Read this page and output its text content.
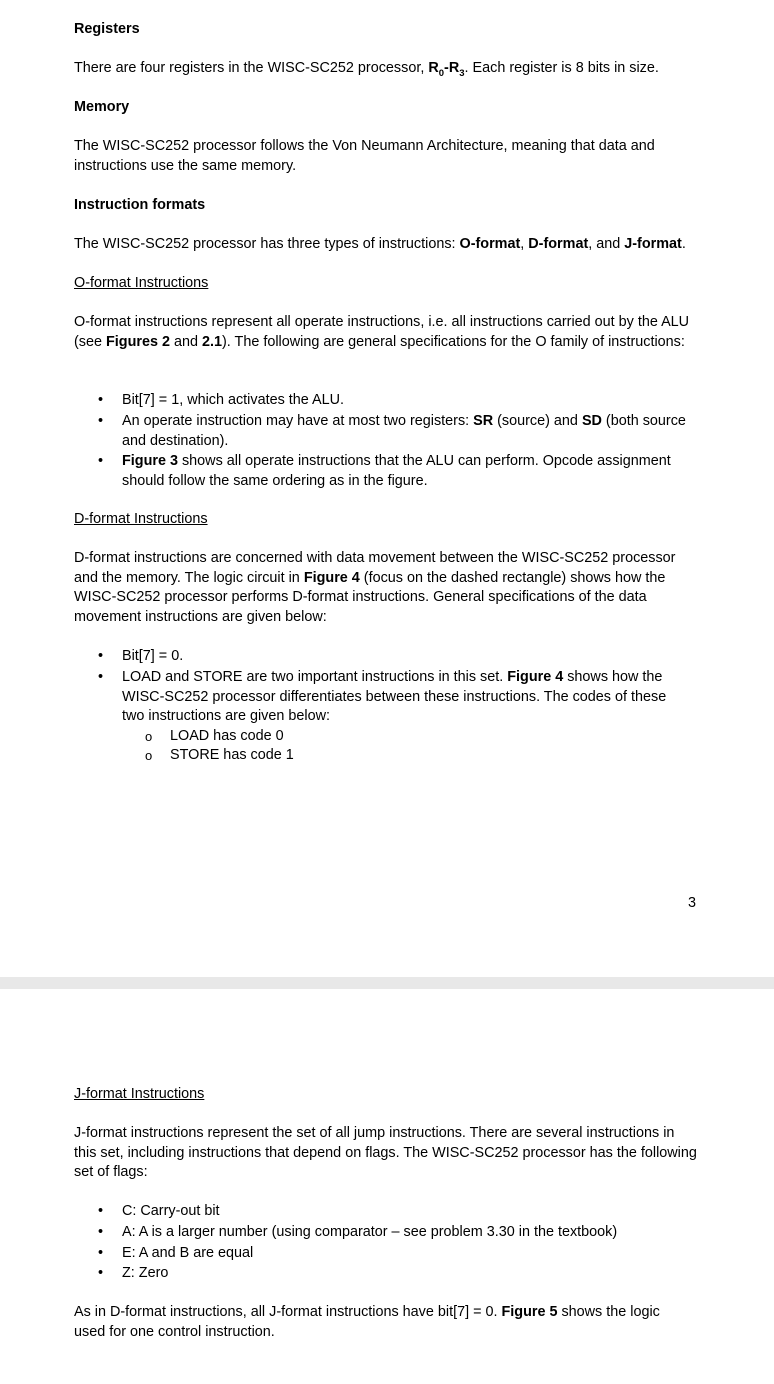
Registers

There are four registers in the WISC-SC252 processor, $R_0-R_3$. Each register is 8 bits in size.

Memory

The WISC-SC252 processor follows the Von Neumann Architecture, meaning that data and instructions use the same memory.

Instruction formats

The WISC-SC252 processor has three types of instructions: O-format, D-format, and J-format.

O-format Instructions

O-format instructions represent all operate instructions, i.e. all instructions carried out by the ALU (see Figures 2 and 2.1). The following are general specifications for the O family of instructions:

•

Bit[7] = 1, which activates the ALU.

•

An operate instruction may have at most two registers: SR (source) and SD (both source and destination).

•

Figure 3 shows all operate instructions that the ALU can perform. Opcode assignment should follow the same ordering as in the figure.

D-format Instructions

D-format instructions are concerned with data movement between the WISC-SC252 processor and the memory. The logic circuit in Figure 4 (focus on the dashed rectangle) shows how the WISC-SC252 processor performs D-format instructions. General specifications of the data movement instructions are given below:

•

Bit[7] = 0.

•

LOAD and STORE are two important instructions in this set. Figure 4 shows how the WISC-SC252 processor differentiates between these instructions. The codes of these two instructions are given below:

o LOAD has code 0

o STORE has code 1

3

J-format Instructions

J-format instructions represent the set of all jump instructions. There are several instructions in this set, including instructions that depend on flags. The WISC-SC252 processor has the following set of flags:

•

C: Carry-out bit

•

A: A is a larger number (using comparator – see problem 3.30 in the textbook)

•

E: A and B are equal

•

Z: Zero

As in D-format instructions, all J-format instructions have bit[7] = 0. Figure 5 shows the logic used for one control instruction.
